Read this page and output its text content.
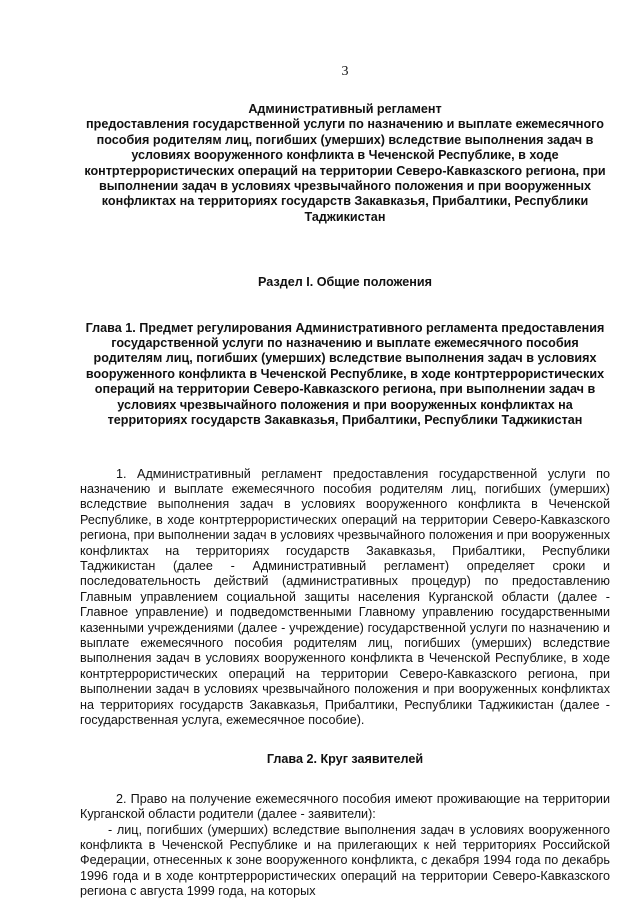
3

Административный регламент

предоставления государственной услуги по назначению и выплате ежемесячного пособия родителям лиц, погибших (умерших) вследствие выполнения задач в условиях вооруженного конфликта в Чеченской Республике, в ходе контртеррористических операций на территории Северо-Кавказского региона, при выполнении задач в условиях чрезвычайного положения и при вооруженных конфликтах на территориях государств Закавказья, Прибалтики, Республики Таджикистан

Раздел I. Общие положения

Глава 1. Предмет регулирования Административного регламента предоставления государственной услуги по назначению и выплате ежемесячного пособия родителям лиц, погибших (умерших) вследствие выполнения задач в условиях вооруженного конфликта в Чеченской Республике, в ходе контртеррористических операций на территории Северо-Кавказского региона, при выполнении задач в условиях чрезвычайного положения и при вооруженных конфликтах на территориях государств Закавказья, Прибалтики, Республики Таджикистан

1. Административный регламент предоставления государственной услуги по назначению и выплате ежемесячного пособия родителям лиц, погибших (умерших) вследствие выполнения задач в условиях вооруженного конфликта в Чеченской Республике, в ходе контртеррористических операций на территории Северо-Кавказского региона, при выполнении задач в условиях чрезвычайного положения и при вооруженных конфликтах на территориях государств Закавказья, Прибалтики, Республики Таджикистан (далее - Административный регламент) определяет сроки и последовательность действий (административных процедур) по предоставлению Главным управлением социальной защиты населения Курганской области (далее - Главное управление) и подведомственными Главному управлению государственными казенными учреждениями (далее - учреждение) государственной услуги по назначению и выплате ежемесячного пособия родителям лиц, погибших (умерших) вследствие выполнения задач в условиях вооруженного конфликта в Чеченской Республике, в ходе контртеррористических операций на территории Северо-Кавказского региона, при выполнении задач в условиях чрезвычайного положения и при вооруженных конфликтах на территориях государств Закавказья, Прибалтики, Республики Таджикистан (далее - государственная услуга, ежемесячное пособие).

Глава 2. Круг заявителей

2. Право на получение ежемесячного пособия имеют проживающие на территории Курганской области родители (далее - заявители):

- лиц, погибших (умерших) вследствие выполнения задач в условиях вооруженного конфликта в Чеченской Республике и на прилегающих к ней территориях Российской Федерации, отнесенных к зоне вооруженного конфликта, с декабря 1994 года по декабрь 1996 года и в ходе контртеррористических операций на территории Северо-Кавказского региона с августа 1999 года, на которых
